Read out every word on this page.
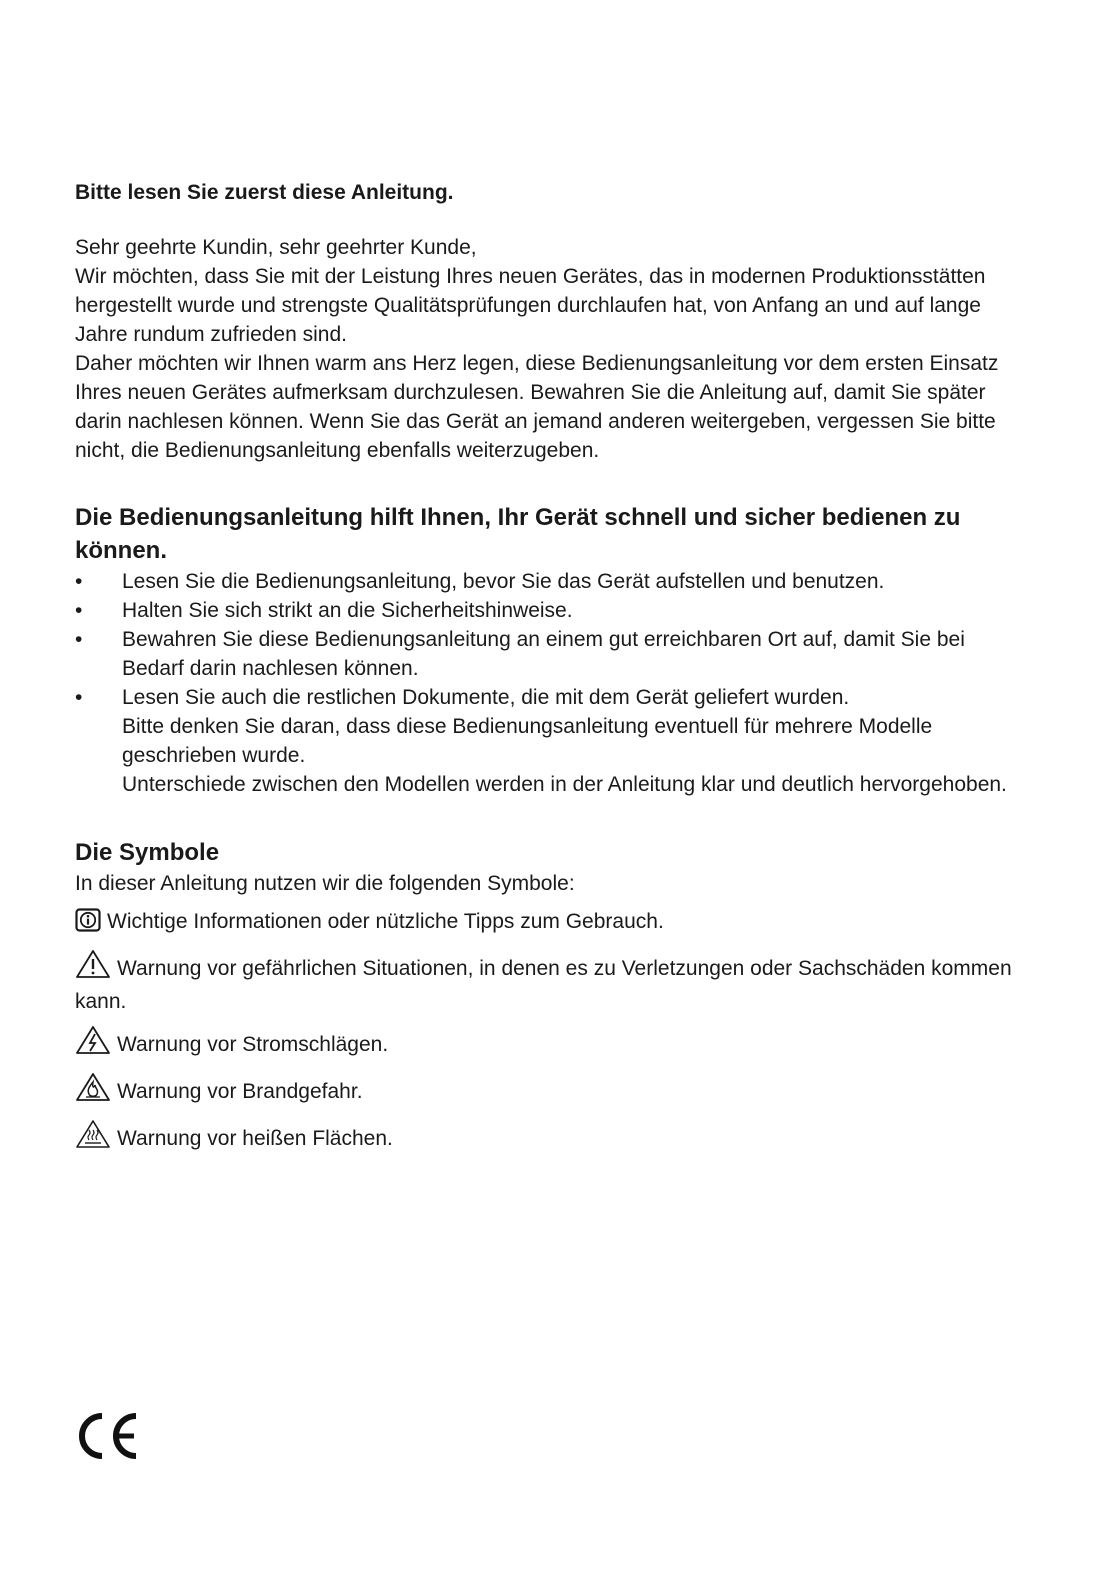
Bitte lesen Sie zuerst diese Anleitung.

Sehr geehrte Kundin, sehr geehrter Kunde,

Wir möchten, dass Sie mit der Leistung Ihres neuen Gerätes, das in modernen Produktionsstätten hergestellt wurde und strengste Qualitätsprüfungen durchlaufen hat, von Anfang an und auf lange Jahre rundum zufrieden sind.

Daher möchten wir Ihnen warm ans Herz legen, diese Bedienungsanleitung vor dem ersten Einsatz Ihres neuen Gerätes aufmerksam durchzulesen. Bewahren Sie die Anleitung auf, damit Sie später darin nachlesen können. Wenn Sie das Gerät an jemand anderen weitergeben, vergessen Sie bitte nicht, die Bedienungsanleitung ebenfalls weiterzugeben.

Die Bedienungsanleitung hilft Ihnen, Ihr Gerät schnell und sicher bedienen zu können.
• Lesen Sie die Bedienungsanleitung, bevor Sie das Gerät aufstellen und benutzen.

• Halten Sie sich strikt an die Sicherheitshinweise.

• Bewahren Sie diese Bedienungsanleitung an einem gut erreichbaren Ort auf, damit Sie bei Bedarf darin nachlesen können.

• Lesen Sie auch die restlichen Dokumente, die mit dem Gerät geliefert wurden.

Bitte denken Sie daran, dass diese Bedienungsanleitung eventuell für mehrere Modelle geschrieben wurde.

Unterschiede zwischen den Modellen werden in der Anleitung klar und deutlich hervorgehoben.

Die Symbole

In dieser Anleitung nutzen wir die folgenden Symbole:

Wichtige Informationen oder nützliche Tipps zum Gebrauch.
Warnung vor gefährlichen Situationen, in denen es zu Verletzungen oder Sachschäden kommen kann.
Warnung vor Stromschlägen.
Warnung vor Brandgefahr.
Warnung vor heißen Flächen.
